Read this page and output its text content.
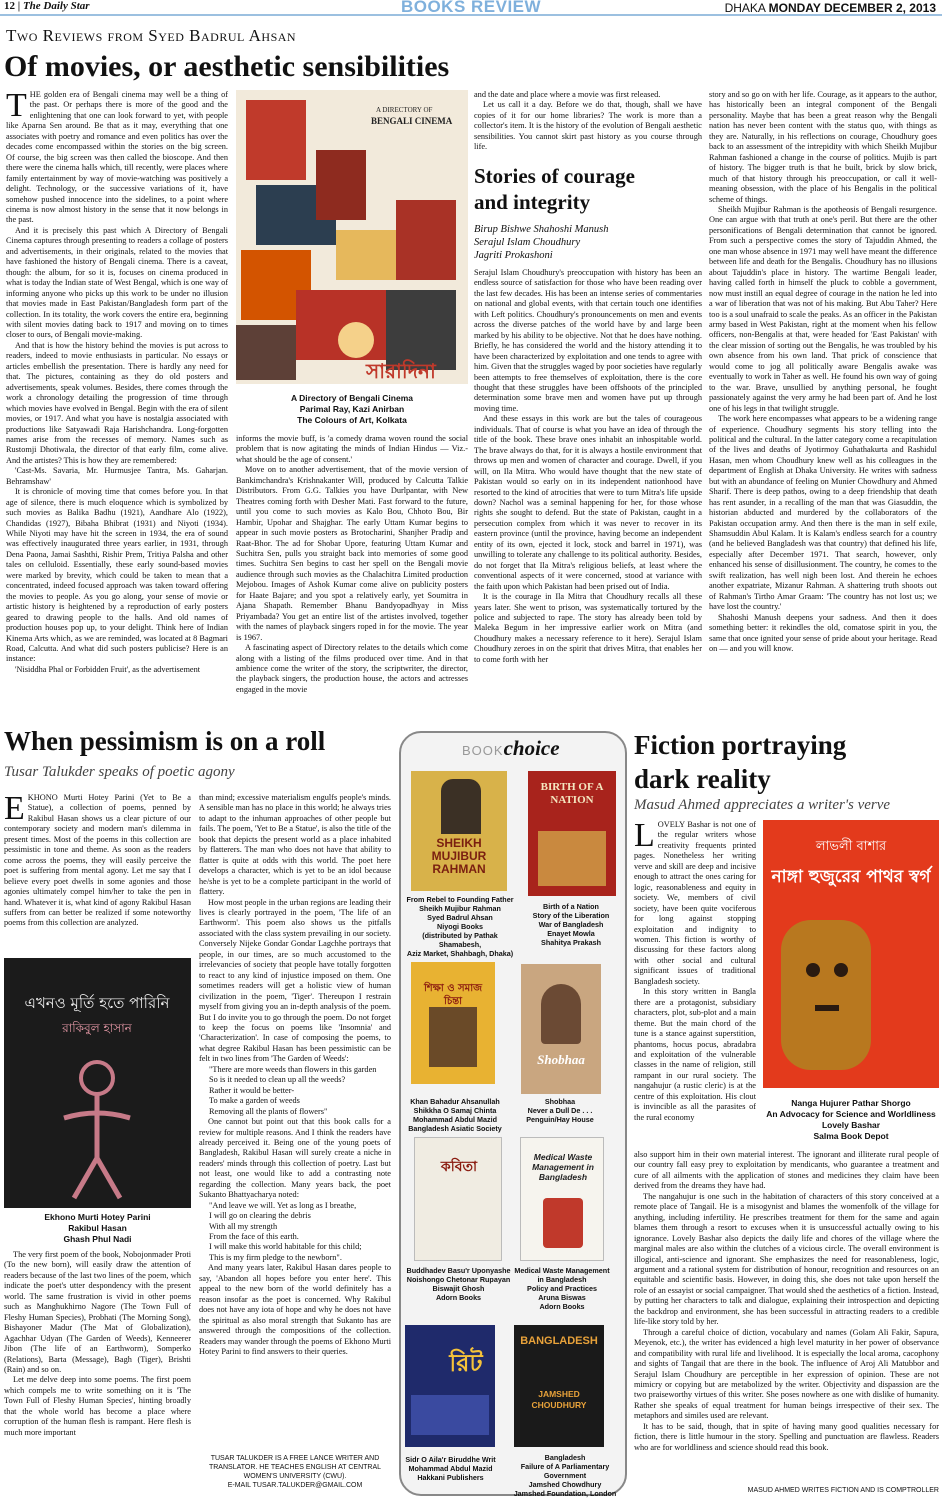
12 | The Daily Star	BOOKS REVIEW	DHAKA MONDAY DECEMBER 2, 2013
Two Reviews from Syed Badrul Ahsan
Of movies, or aesthetic sensibilities
T HE golden era of Bengali cinema may well be a thing of the past. Or perhaps there is more of the good and the enlightening that one can look forward to yet, with people like Aparna Sen around. Be that as it may, everything that one associates with poetry and romance and even politics has over the decades come encompassed within the stories on the big screen. Of course, the big screen was then called the bioscope. And then there were the cinema halls which, till recently, were places where family entertainment by way of movie-watching was positively a delight. Technology, or the successive variations of it, have somehow pushed innocence into the sidelines, to a point where cinema is now almost history in the sense that it now belongs in the past.

And it is precisely this past which A Directory of Bengali Cinema captures through presenting to readers a collage of posters and advertisements, in their originals, related to the movies that have fashioned the history of Bengali cinema. There is a caveat, though: the album, for so it is, focuses on cinema produced in what is today the Indian state of West Bengal, which is one way of informing anyone who picks up this work to be under no illusion that movies made in East Pakistan/Bangladesh form part of the collection. In its totality, the work covers the entire era, beginning with silent movies dating back to 1917 and moving on to times closer to ours, of Bengali movie-making.

And that is how the history behind the movies is put across to readers, indeed to movie enthusiasts in particular. No essays or articles embellish the presentation. There is hardly any need for that. The pictures, containing as they do old posters and advertisements, speak volumes. Besides, there comes through the work a chronology detailing the progression of time through which movies have evolved in Bengal. Begin with the era of silent movies, or 1917. And what you have is nostalgia associated with productions like Satyawadi Raja Harishchandra. Long-forgotten names arise from the recesses of memory. Names such as Rustomji Dhotiwala, the director of that early film, come alive. And the artistes? This is how they are remembered:

'Cast-Ms. Savaria, Mr. Hurmusjee Tantra, Ms. Gaharjan. Behramshaw'

It is chronicle of moving time that comes before you. In that age of silence, there is much eloquence which is symbolized by such movies as Balika Badhu (1921), Aandhare Alo (1922), Chandidas (1927), Bibaha Bhibrat (1931) and Niyoti (1934). While Niyoti may have hit the screen in 1934, the era of sound was effectively inaugurated three years earlier, in 1931, through Dena Paona, Jamai Sashthi, Rishir Prem, Tritiya Palsha and other tales on celluloid. Essentially, these early sound-based movies were marked by brevity, which could be taken to mean that a concentrated, indeed focused approach was taken toward offering the movies to people. As you go along, your sense of movie or artistic history is heightened by a reproduction of early posters geared to drawing people to the halls. And old names of production houses pop up, to your delight. Think here of Indian Kinema Arts which, as we are reminded, was located at 8 Bagmari Road, Calcutta. And what did such posters publicise? Here is an instance:

'Nisiddha Phal or Forbidden Fruit', as the advertisement

A DIRECTORY OF
BENGALI CINEMA
সারাদিনা
A Directory of Bengali Cinema
Parimal Ray, Kazi Anirban
The Colours of Art, Kolkata

informs the movie buff, is 'a comedy drama woven round the social problem that is now agitating the minds of Indian Hindus — Viz.-what should be the age of consent.'

Move on to another advertisement, that of the movie version of Bankimchandra's Krishnakanter Will, produced by Calcutta Talkie Distributors. From G.G. Talkies you have Durlpantar, with New Theatres coming forth with Desher Mati. Fast forward to the future, until you come to such movies as Kalo Bou, Chhoto Bou, Bir Hambir, Upohar and Shajghar. The early Uttam Kumar begins to appear in such movie posters as Brotocharini, Shanjher Pradip and Raat-Bhor. The ad for Shobar Upore, featuring Uttam Kumar and Suchitra Sen, pulls you straight back into memories of some good times. Suchitra Sen begins to cast her spell on the Bengali movie audience through such movies as the Chalachitra Limited production Mejobou. Images of Ashok Kumar come alive on publicity posters for Haate Bajare; and you spot a relatively early, yet Soumitra in Ajana Shapath. Remember Bhanu Bandyopadhyay in Miss Priyambada? You get an entire list of the artistes involved, together with the names of playback singers roped in for the movie. The year is 1967.

A fascinating aspect of Directory relates to the details which come along with a listing of the films produced over time. And in that ambience come the writer of the story, the scriptwriter, the director, the playback singers, the production house, the actors and actresses engaged in the movie

and the date and place where a movie was first released.

Let us call it a day. Before we do that, though, shall we have copies of it for our home libraries? The work is more than a collector's item. It is the history of the evolution of Bengali aesthetic sensibilities. You cannot skirt past history as you course through life.

Stories of courage
and integrity
Birup Bishwe Shahoshi Manush
Serajul Islam Choudhury
Jagriti Prokashoni

Serajul Islam Choudhury's preoccupation with history has been an endless source of satisfaction for those who have been reading over the last few decades. His has been an intense series of commentaries on national and global events, with that certain touch one identifies with Left politics. Choudhury's pronouncements on men and events across the diverse patches of the world have by and large been marked by his ability to be objective. Not that he does have nothing. Briefly, he has considered the world and the history attending it to have been characterized by exploitation and one tends to agree with him. Given that the struggles waged by poor societies have regularly been attempts to free themselves of exploitation, there is the core thought that these struggles have been offshoots of the principled determination some brave men and women have put up through moving time.

And these essays in this work are but the tales of courageous individuals. That of course is what you have an idea of through the title of the book. These brave ones inhabit an inhospitable world. The brave always do that, for it is always a hostile environment that throws up men and women of character and courage. Dwell, if you will, on Ila Mitra. Who would have thought that the new state of Pakistan would so early on in its independent nationhood have resorted to the kind of atrocities that were to turn Mitra's life upside down? Nachol was a seminal happening for her, for those whose rights she sought to defend. But the state of Pakistan, caught in a persecution complex from which it was never to recover in its eastern province (until the province, having become an independent entity of its own, ejected it lock, stock and barrel in 1971), was unwilling to tolerate any challenge to its political authority. Besides, do not forget that Ila Mitra's religious beliefs, at least where the conventional aspects of it were concerned, stood at variance with the faith upon which Pakistan had been prised out of India.

It is the courage in Ila Mitra that Choudhury recalls all these years later. She went to prison, was systematically tortured by the police and subjected to rape. The story has already been told by Maleka Begum in her impressive earlier work on Mitra (and Choudhury makes a necessary reference to it here). Serajul Islam Choudhury zeroes in on the spirit that drives Mitra, that enables her to come forth with her

story and so go on with her life. Courage, as it appears to the author, has historically been an integral component of the Bengali personality. Maybe that has been a great reason why the Bengali nation has never been content with the status quo, with things as they are. Naturally, in his reflections on courage, Choudhury goes back to an assessment of the intrepidity with which Sheikh Mujibur Rahman fashioned a change in the course of politics. Mujib is part of history. The bigger truth is that he built, brick by slow brick, much of that history through his preoccupation, or call it well-meaning obsession, with the place of his Bengalis in the political scheme of things.

Sheikh Mujibur Rahman is the apotheosis of Bengali resurgence. One can argue with that truth at one's peril. But there are the other personifications of Bengali determination that cannot be ignored. From such a perspective comes the story of Tajuddin Ahmed, the one man whose absence in 1971 may well have meant the difference between life and death for the Bengalis. Choudhury has no illusions about Tajuddin's place in history. The wartime Bengali leader, having called forth in himself the pluck to cobble a government, now must instill an equal degree of courage in the nation he led into a war of liberation that was not of his making. But Abu Taher? Here too is a soul unafraid to scale the peaks. As an officer in the Pakistan army based in West Pakistan, right at the moment when his fellow officers, non-Bengalis at that, were headed for 'East Pakistan' with the clear mission of sorting out the Bengalis, he was troubled by his own absence from his own land. That prick of conscience that would come to jog all politically aware Bengalis awake was eventually to work in Taher as well. He found his own way of going to the war. Brave, unsullied by anything personal, he fought passionately against the very army he had been part of. And he lost one of his legs in that twilight struggle.

The work here encompasses what appears to be a widening range of experience. Choudhury segments his story telling into the political and the cultural. In the latter category come a recapitulation of the lives and deaths of Jyotirmoy Guhathakurta and Rashidul Hasan, men whom Choudhury knew well as his colleagues in the department of English at Dhaka University. He writes with sadness but with an abundance of feeling on Munier Chowdhury and Ahmed Sharif. There is deep pathos, owing to a deep friendship that death has rent asunder, in a recalling of the man that was Giasuddin, the historian abducted and murdered by the collaborators of the Pakistan occupation army. And then there is the man in self exile, Shamsuddin Abul Kalam. It is Kalam's endless search for a country (and he believed Bangladesh was that country) that defined his life, especially after December 1971. That search, however, only enhanced his sense of disillusionment. The country, he comes to the swift realization, has well nigh been lost. And therein he echoes another expatriate, Mizanur Rahman. A shattering truth shoots out of Rahman's Tirtho Amar Graam: 'The country has not lost us; we have lost the country.'

Shahoshi Manush deepens your sadness. And then it does something better: it rekindles the old, comatose spirit in you, the same that once ignited your sense of pride about your heritage. Read on — and you will know.

When pessimism is on a roll
Tusar Talukder speaks of poetic agony
E KHONO Murti Hotey Parini (Yet to Be a Statue), a collection of poems, penned by Rakibul Hasan shows us a clear picture of our contemporary society and modern man's dilemma in present times. Most of the poems in this collection are pessimistic in tone and theme. As soon as the readers come across the poems, they will easily perceive the poet is suffering from mental agony. Let me say that I believe every poet dwells in some agonies and those agonies ultimately compel him/her to take the pen in hand. Whatever it is, what kind of agony Rakibul Hasan suffers from can better be realized if some noteworthy poems from this collection are analyzed.

এখনও মূর্তি হতে পারিনি
রাকিবুল হাসান
Ekhono Murti Hotey Parini
Rakibul Hasan
Ghash Phul Nadi

The very first poem of the book, Nobojonmader Proti (To the new born), will easily draw the attention of readers because of the last two lines of the poem, which indicate the poet's utter despondency with the present world. The same frustration is vivid in other poems such as Manghukhirno Nagore (The Town Full of Fleshy Human Species), Probhati (The Morning Song), Bishayoner Madur (The Mat of Globalization), Agachhar Udyan (The Garden of Weeds), Kenneerer Jibon (The life of an Earthworm), Somperko (Relations), Barta (Message), Bagh (Tiger), Brishti (Rain) and so on.

Let me delve deep into some poems. The first poem which compels me to write something on it is 'The Town Full of Fleshy Human Species', hinting broadly that the whole world has become a place where corruption of the human flesh is rampant. Here flesh is much more important

than mind; excessive materialism engulfs people's minds. A sensible man has no place in this world; he always tries to adapt to the inhuman approaches of other people but fails. The poem, 'Yet to Be a Statue', is also the title of the book that depicts the present world as a place inhabited by flatterers. The man who does not have that ability to flatter is quite at odds with this world. The poet here develops a character, which is yet to be an idol because he/she is yet to be a complete participant in the world of flattery.

How most people in the urban regions are leading their lives is clearly portrayed in the poem, 'The life of an Earthworm'. This poem also shows us the pitfalls associated with the class system prevailing in our society. Conversely Nijeke Gondar Gondar Lagchhe portrays that people, in our times, are so much accustomed to the irrelevancies of society that people have totally forgotten to react to any kind of injustice imposed on them. One sometimes readers will get a holistic view of human civilization in the poem, 'Tiger'. Thereupon I restrain myself from giving you an in-depth analysis of the poem. But I do invite you to go through the poem. Do not forget to keep the focus on poems like 'Insomnia' and 'Characterization'. In case of composing the poems, to what degree Rakibul Hasan has been pessimistic can be felt in two lines from 'The Garden of Weeds':

"There are more weeds than flowers in this garden

So is it needed to clean up all the weeds?

Rather it would be better-

To make a garden of weeds

Removing all the plants of flowers"

One cannot but point out that this book calls for a review for multiple reasons. And I think the readers have already perceived it. Being one of the young poets of Bangladesh, Rakibul Hasan will surely create a niche in readers' minds through this collection of poetry. Last but not least, one would like to add a contrasting note regarding the collection. Many years back, the poet Sukanto Bhattyacharya noted:

"And leave we will. Yet as long as I breathe,

I will go on clearing the debris

With all my strength

From the face of this earth.

I will make this world habitable for this child;

This is my firm pledge to the newborn".

And many years later, Rakibul Hasan dares people to say, 'Abandon all hopes before you enter here'. This appeal to the new born of the world definitely has a reason insofar as the poet is concerned. Why Rakibul does not have any iota of hope and why he does not have the spiritual as also moral strength that Sukanto has are answered through the compositions of the collection. Readers may wander through the poems of Ekhono Murti Hotey Parini to find answers to their queries.

TUSAR TALUKDER IS A FREE LANCE WRITER AND
TRANSLATOR. HE TEACHES ENGLISH AT CENTRAL
WOMEN'S UNIVERSITY (CWU).
E-MAIL TUSAR.TALUKDER@GMAIL.COM
BOOKchoice
SHEIKH MUJIBUR RAHMAN
From Rebel to Founding Father
Sheikh Mujibur Rahman
Syed Badrul Ahsan
Niyogi Books
(distributed by Pathak Shamabesh,
Aziz Market, Shahbagh, Dhaka)
BIRTH OF A NATION
Birth of a Nation
Story of the Liberation
War of Bangladesh
Enayet Mowla
Shahitya Prakash
শিক্ষা ও সমাজ চিন্তা
Khan Bahadur Ahsanullah
Shikkha O Samaj Chinta
Mohammad Abdul Mazid
Bangladesh Asiatic Society
Shobhaa
Shobhaa
Never a Dull De . . .
Penguin/Hay House
কবিতা
Buddhadev Basu'r Uponyashe
Noishongo Chetonar Rupayan
Biswajit Ghosh
Adorn Books
Medical Waste Management in Bangladesh
Medical Waste Management
in Bangladesh
Policy and Practices
Aruna Biswas
Adorn Books
রিট
Sidr O Aila'r Biruddhe Writ
Mohammad Abdul Mazid
Hakkani Publishers
BANGLADESH
JAMSHED CHOUDHURY
Bangladesh
Failure of A Parliamentary Government
Jamshed Chowdhury
Jamshed Foundation, London
Fiction portraying
dark reality
Masud Ahmed appreciates a writer's verve
L OVELY Bashar is not one of the regular writers whose creativity frequents printed pages. Nonetheless her writing verve and skill are deep and incisive enough to attract the ones caring for logic, reasonableness and equity in society. We, members of civil society, have been quite vociferous for long against stopping exploitation and indignity to women. This fiction is worthy of discussing for these factors along with other social and cultural significant issues of traditional Bangladesh society.

In this story written in Bangla there are a protagonist, subsidiary characters, plot, sub-plot and a main theme. But the main chord of the tune is a stance against superstition, phantoms, hocus pocus, abradabra and exploitation of the vulnerable classes in the name of religion, still rampant in our rural society. The nangahujur (a rustic cleric) is at the centre of this exploitation. His clout is invincible as all the parasites of the rural economy

লাভলী বাশার
নাঙ্গা হুজুরের পাথর স্বর্গ
Nanga Hujurer Pathar Shorgo
An Advocacy for Science and Worldliness
Lovely Bashar
Salma Book Depot

also support him in their own material interest. The ignorant and illiterate rural people of our country fall easy prey to exploitation by mendicants, who guarantee a treatment and cure of all ailments with the application of stones and medicines they claim have been derived from the dreams they have had.

The nangahujur is one such in the habitation of characters of this story conceived at a remote place of Tangail. He is a misogynist and blames the womenfolk of the village for anything, including infertility. He prescribes treatment for them for the same and again blames them through a resort to excuses when it is unsuccessful actually owing to his ignorance. Lovely Bashar also depicts the daily life and chores of the village where the marginal males are also within the clutches of a vicious circle. The overall environment is illogical, anti-science and ignorant. She emphasizes the need for reasonableness, logic, argument and a rational system for distribution of honour, recognition and resources on an equitable and scientific basis. However, in doing this, she does not take upon herself the role of an essayist or social campaigner. That would shed the aesthetics of a fiction. Instead, by putting her characters to talk and dialogue, explaining their introspection and depicting the backdrop and environment, she has been successful in attracting readers to a credible life-like story told by her.

Through a careful choice of diction, vocabulary and names (Golam Ali Fakir, Sapura, Meyenok, etc.), the writer has evidenced a high level maturity in her power of observance and compatibility with rural life and livelihood. It is especially the local aroma, cacophony and sights of Tangail that are there in the book. The influence of Aroj Ali Matubbor and Serajul Islam Choudhury are perceptible in her expression of opinion. These are not mimicry or copying but are metabolized by the writer. Objectivity and dispassion are the two praiseworthy virtues of this writer. She poses nowhere as one with dislike of humanity. Rather she speaks of equal treatment for human beings irrespective of their sex. The metaphors and similes used are relevant.

It has to be said, though, that in spite of having many good qualities necessary for fiction, there is little humour in the story. Spelling and punctuation are flawless. Readers who are for worldliness and science should read this book.

MASUD AHMED WRITES FICTION AND IS COMPTROLLER
